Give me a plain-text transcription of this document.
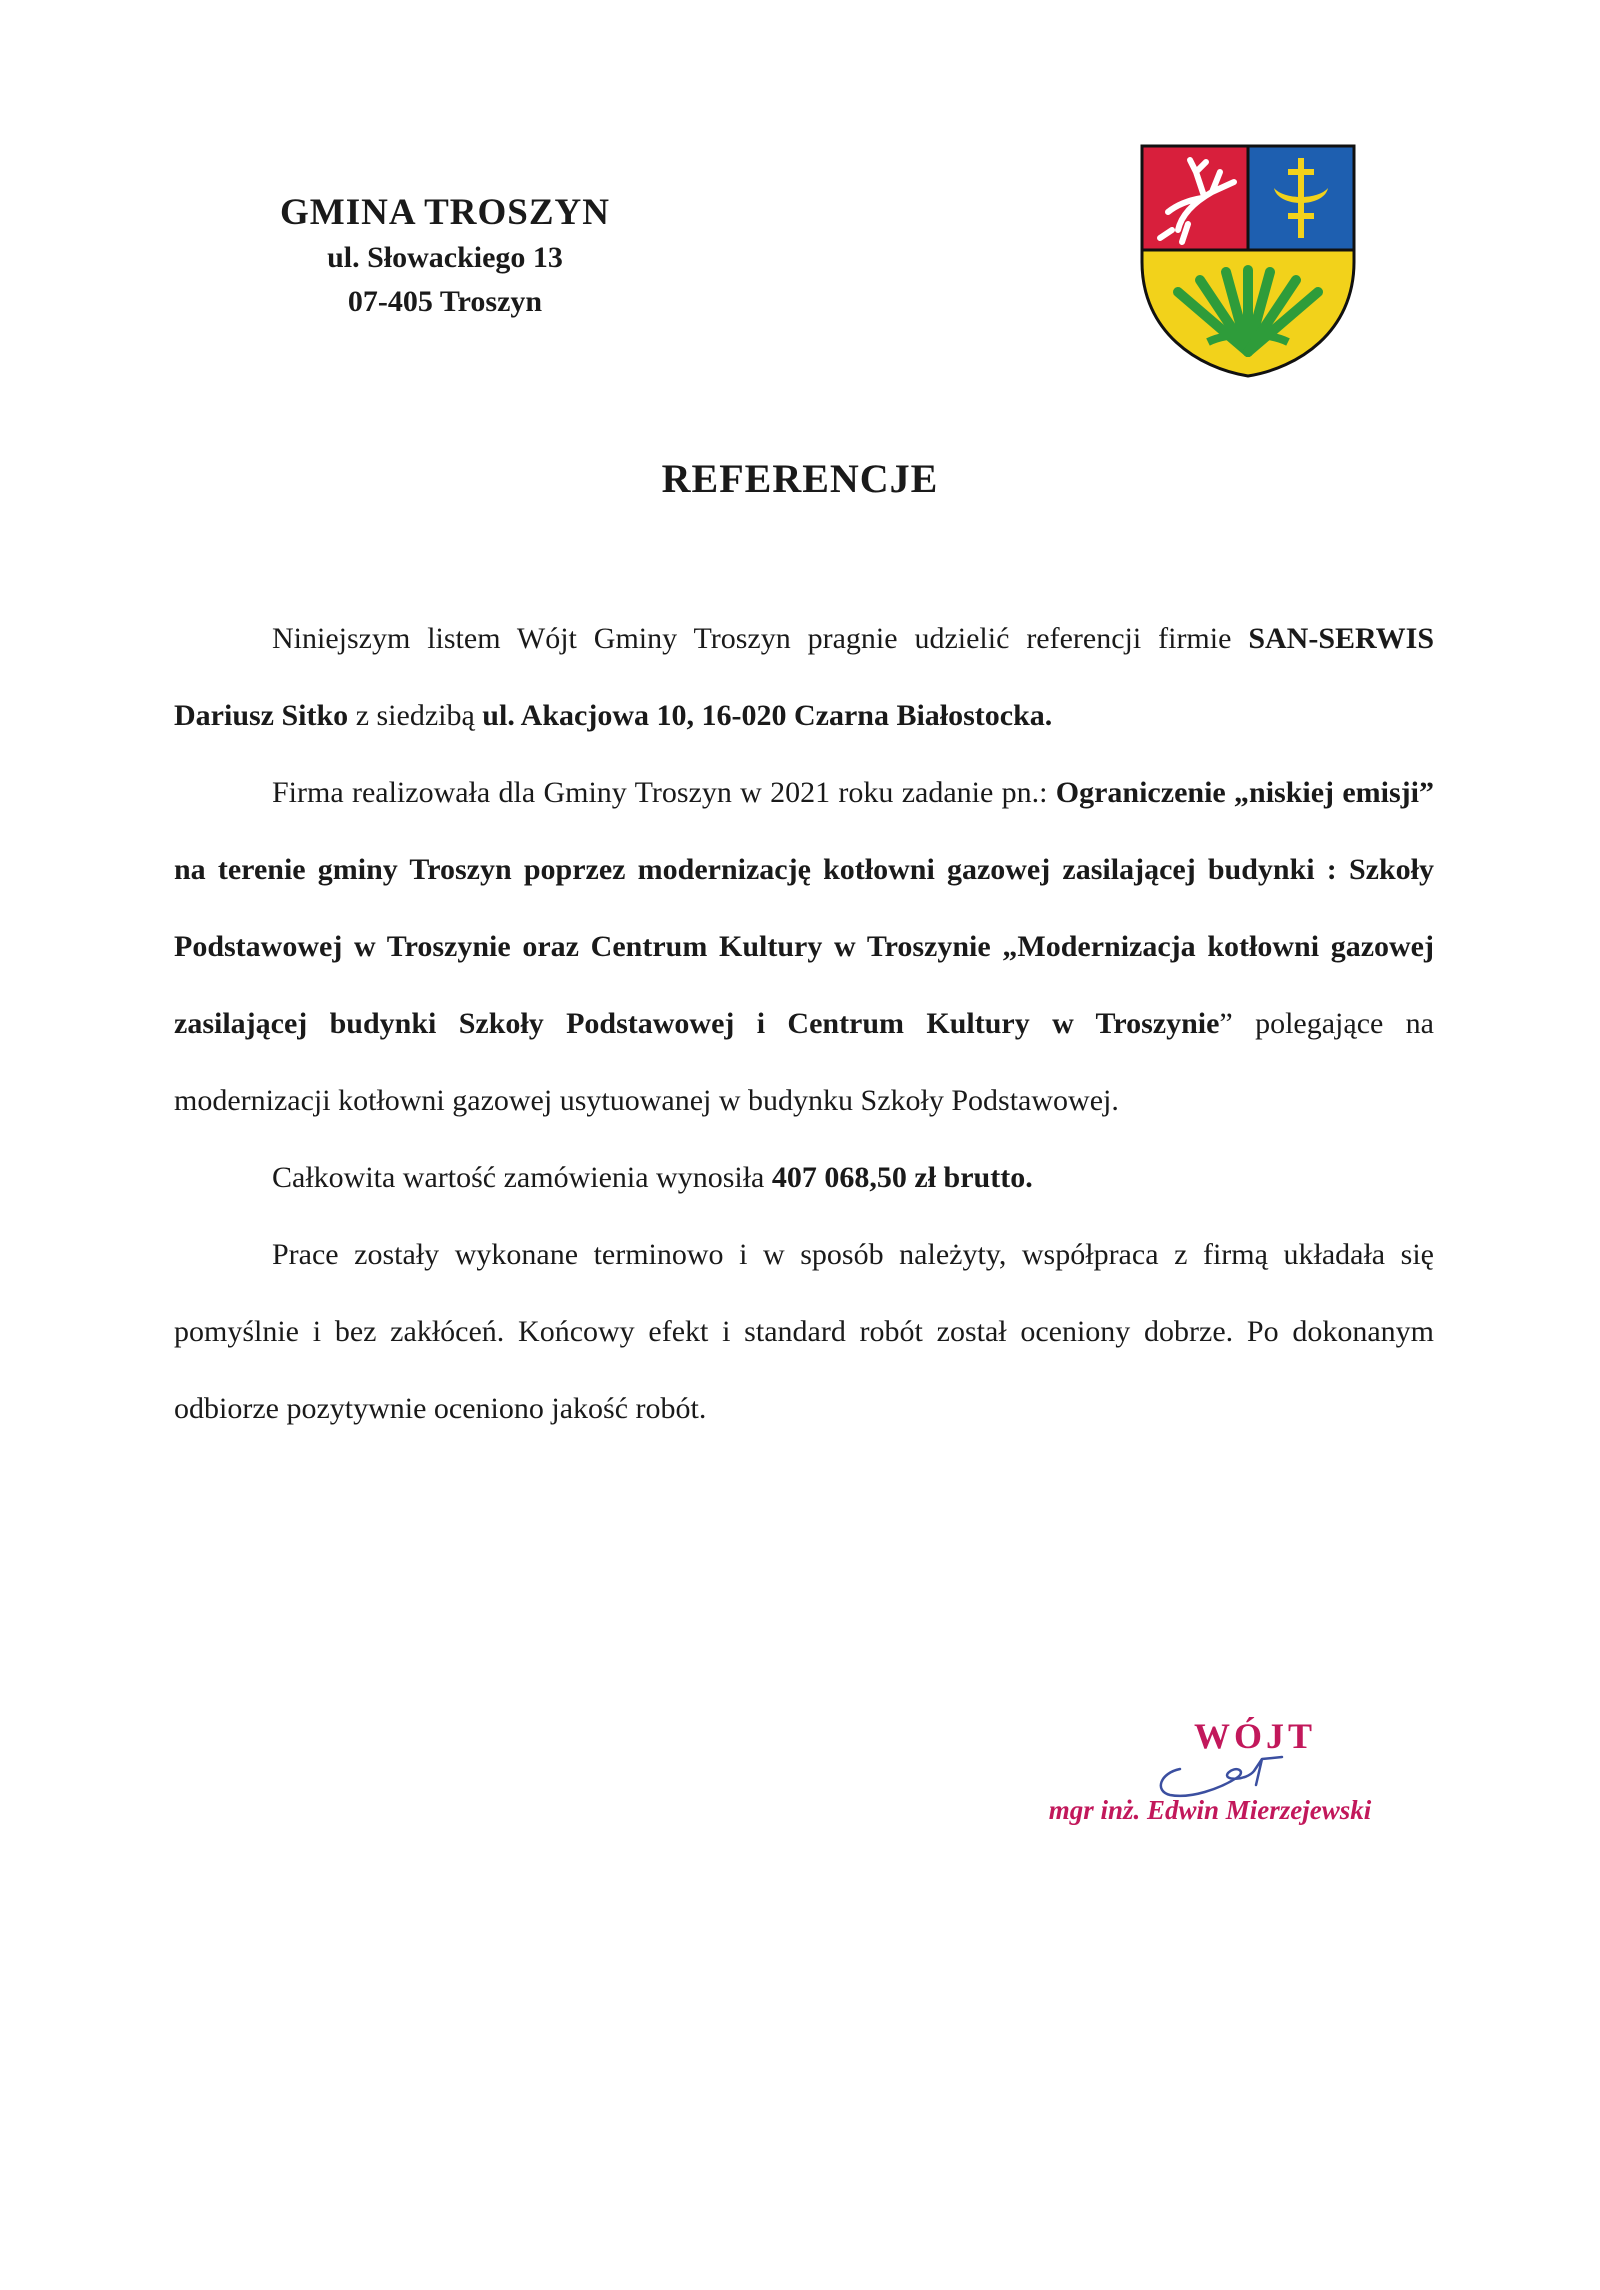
GMINA TROSZYN
ul. Słowackiego 13
07-405 Troszyn
REFERENCJE

Niniejszym listem Wójt Gminy Troszyn pragnie udzielić referencji firmie SAN-SERWIS Dariusz Sitko z siedzibą ul. Akacjowa 10, 16-020 Czarna Białostocka.

Firma realizowała dla Gminy Troszyn w 2021 roku zadanie pn.: Ograniczenie „niskiej emisji” na terenie gminy Troszyn poprzez modernizację kotłowni gazowej zasilającej budynki : Szkoły Podstawowej w Troszynie oraz Centrum Kultury w Troszynie „Modernizacja kotłowni gazowej zasilającej budynki Szkoły Podstawowej i Centrum Kultury w Troszynie” polegające na modernizacji kotłowni gazowej usytuowanej w budynku Szkoły Podstawowej.

Całkowita wartość zamówienia wynosiła 407 068,50 zł brutto.

Prace zostały wykonane terminowo i w sposób należyty, współpraca z firmą układała się pomyślnie i bez zakłóceń. Końcowy efekt i standard robót został oceniony dobrze. Po dokonanym odbiorze pozytywnie oceniono jakość robót.

WÓJT
mgr inż. Edwin Mierzejewski
